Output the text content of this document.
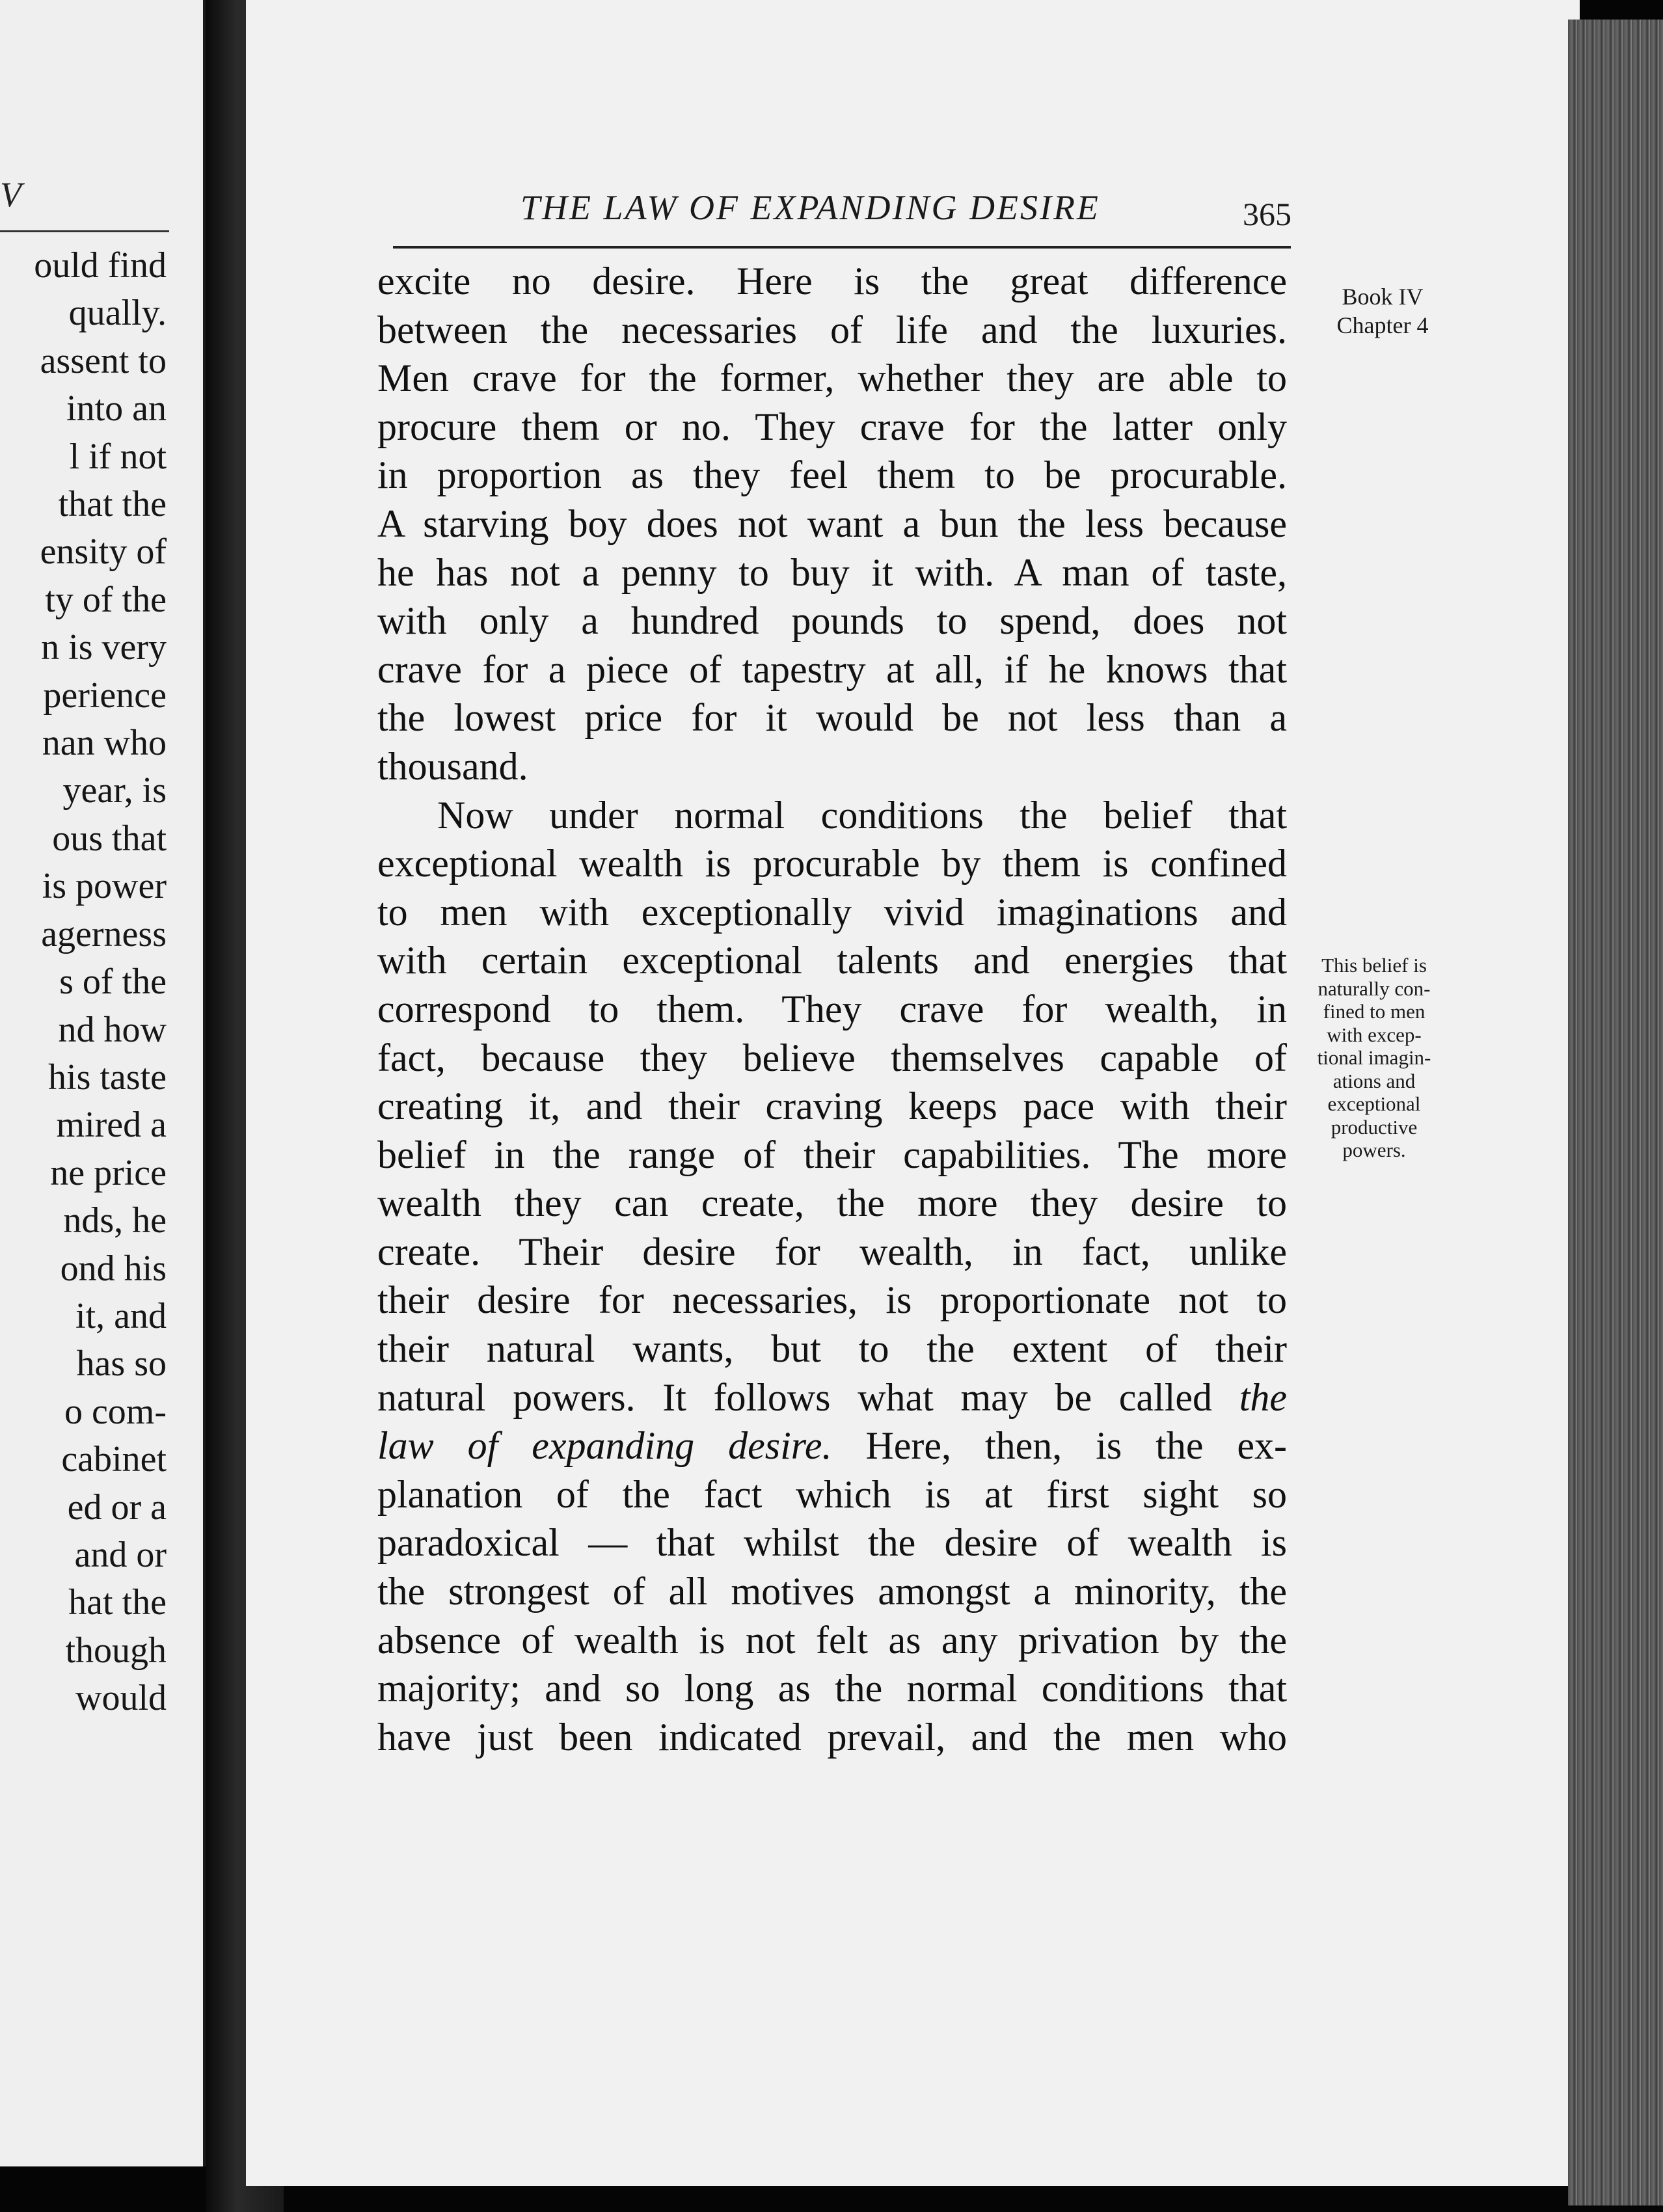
V
ould find
qually.
assent to
into an
l if not
that the
ensity of
ty of the
n is very
perience
nan who
year, is
ous that
is power
agerness
s of the
nd how
his taste
mired a
ne price
nds, he
ond his
it, and
has so
o com-
cabinet
ed or a
and or
hat the
though
would
THE LAW OF EXPANDING DESIRE	365
Book IV
Chapter 4
This belief is
naturally con-
fined to men
with excep-
tional imagin-
ations and
exceptional
productive
powers.
excite no desire. Here is the great difference
between the necessaries of life and the luxuries.
Men crave for the former, whether they are able to
procure them or no. They crave for the latter only
in proportion as they feel them to be procurable.
A starving boy does not want a bun the less because
he has not a penny to buy it with. A man of taste,
with only a hundred pounds to spend, does not
crave for a piece of tapestry at all, if he knows that
the lowest price for it would be not less than a
thousand.
Now under normal conditions the belief that
exceptional wealth is procurable by them is confined
to men with exceptionally vivid imaginations and
with certain exceptional talents and energies that
correspond to them. They crave for wealth, in
fact, because they believe themselves capable of
creating it, and their craving keeps pace with their
belief in the range of their capabilities. The more
wealth they can create, the more they desire to
create. Their desire for wealth, in fact, unlike
their desire for necessaries, is proportionate not to
their natural wants, but to the extent of their
natural powers. It follows what may be called the
law of expanding desire. Here, then, is the ex-
planation of the fact which is at first sight so
paradoxical — that whilst the desire of wealth is
the strongest of all motives amongst a minority, the
absence of wealth is not felt as any privation by the
majority; and so long as the normal conditions that
have just been indicated prevail, and the men who
